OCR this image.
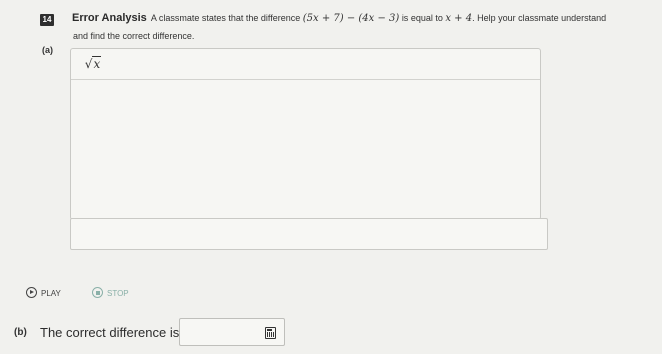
14 Error Analysis A classmate states that the difference (5x + 7) − (4x − 3) is equal to x + 4. Help your classmate understand
and find the correct difference.
(a)
√x
PLAY	STOP
(b) The correct difference is
